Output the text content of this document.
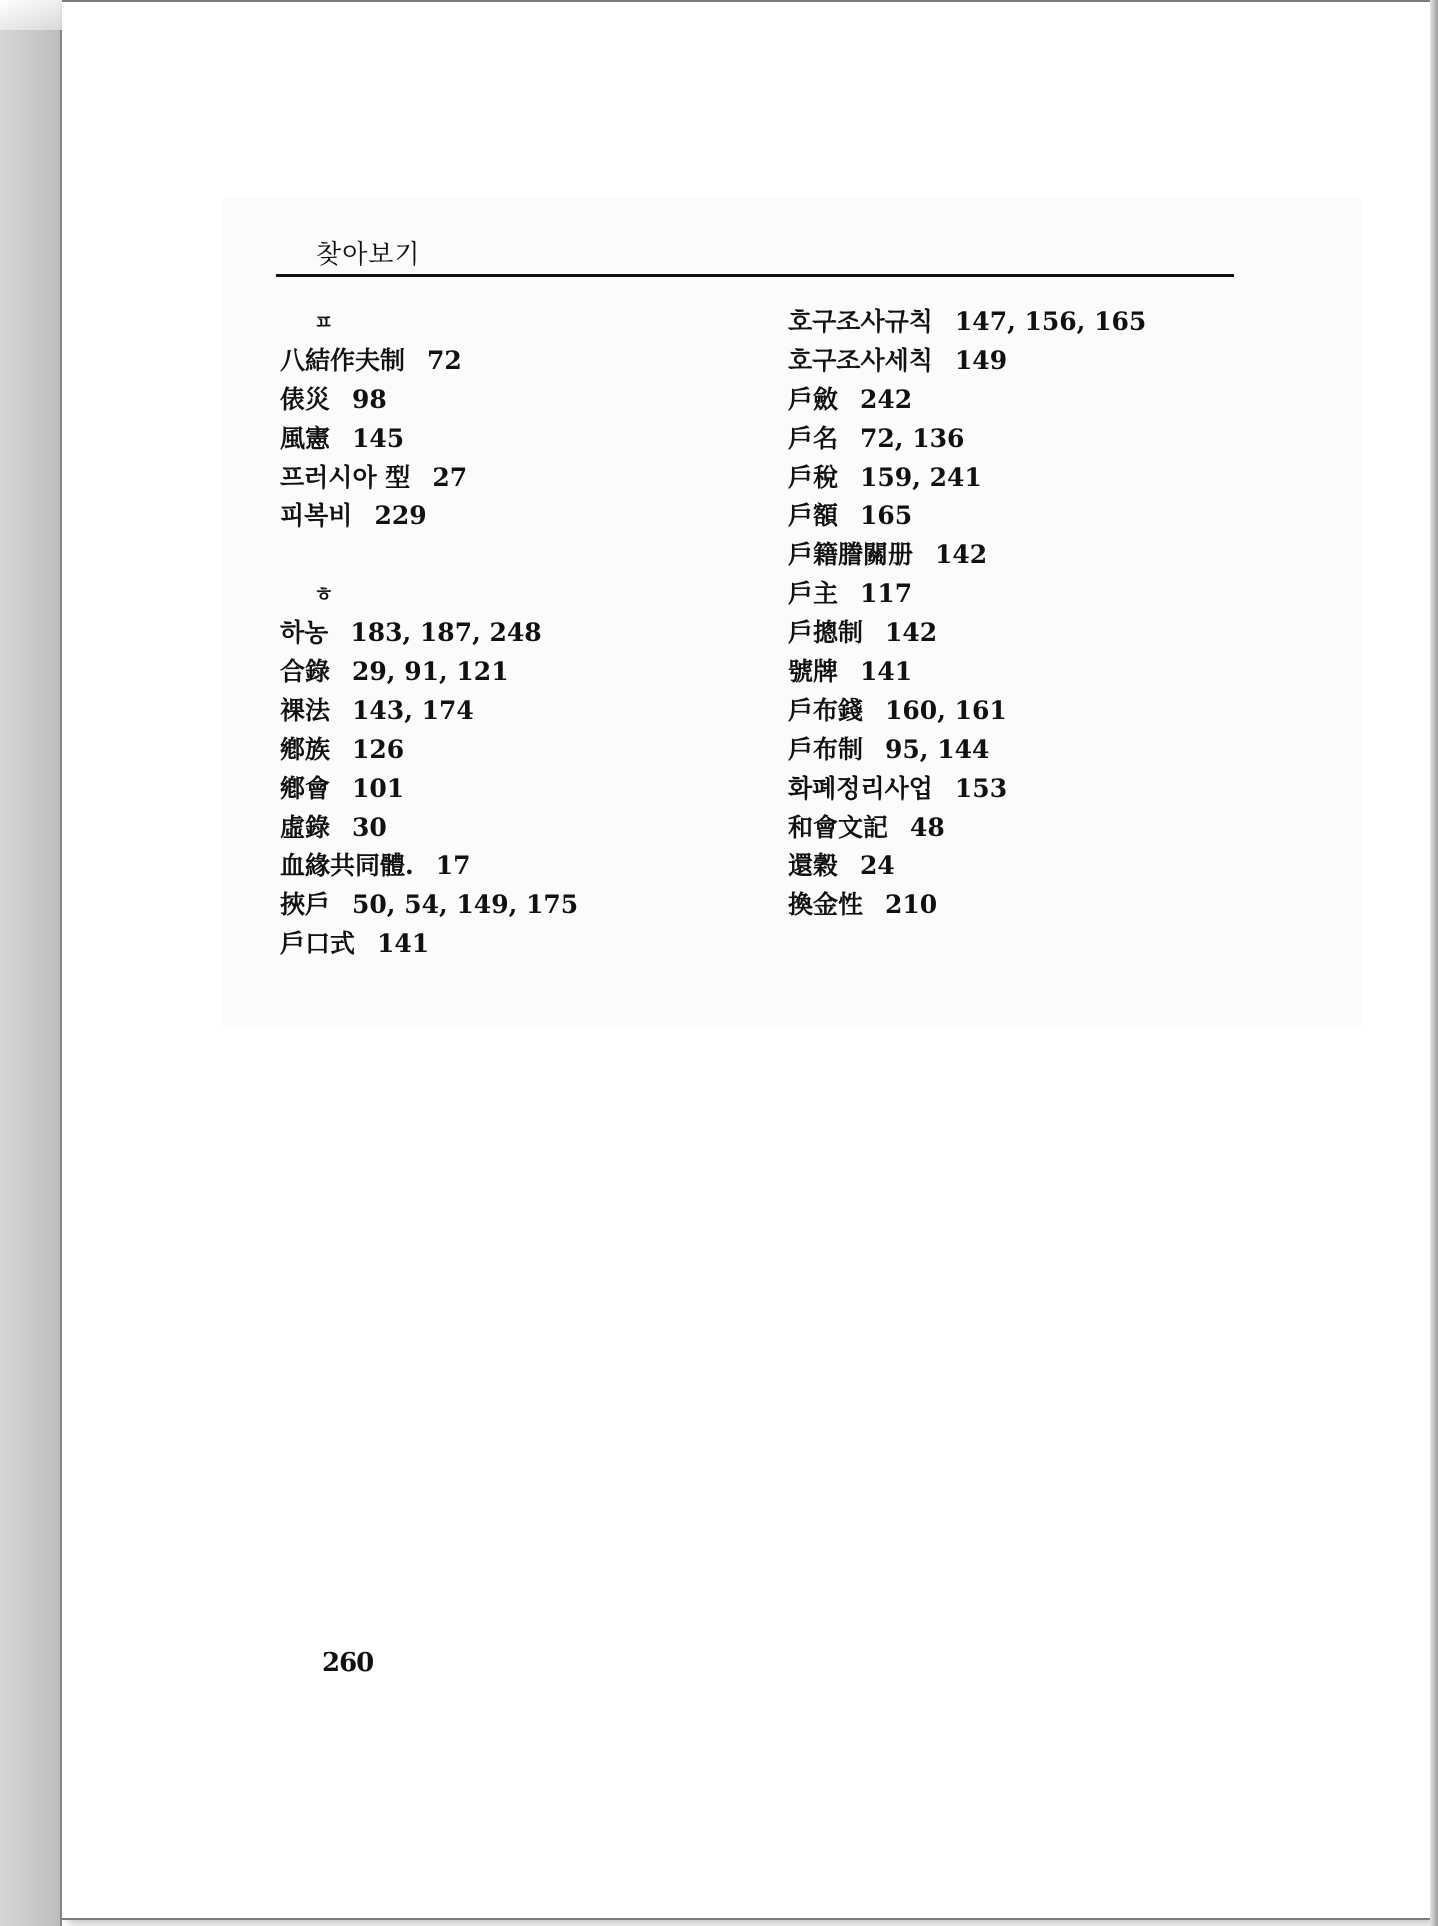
찾아보기
ㅍ
八結作夫制 72
俵災 98
風憲 145
프러시아 型 27
피복비 229
ㅎ
하농 183, 187, 248
合錄 29, 91, 121
祼法 143, 174
鄕族 126
鄕會 101
虛錄 30
血緣共同體. 17
挾戶 50, 54, 149, 175
戶口式 141
호구조사규칙 147, 156, 165
호구조사세칙 149
戶斂 242
戶名 72, 136
戶稅 159, 241
戶額 165
戶籍謄關册 142
戶主 117
戶摠制 142
號牌 141
戶布錢 160, 161
戶布制 95, 144
화폐정리사업 153
和會文記 48
還穀 24
換金性 210
260
